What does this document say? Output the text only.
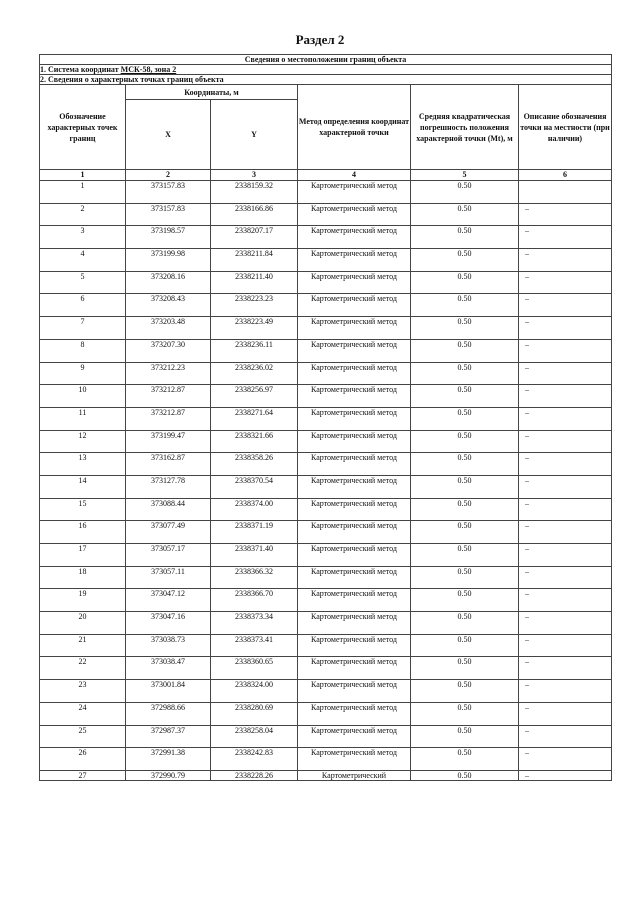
Раздел 2
Сведения о местоположении границ объекта					
1. Система координат МСК-58, зона 2					
2. Сведения о характерных точках границ объекта					
Обозначение характерных точек границ	Координаты, м		Метод определения координат характерной точки	Средняя квадратическая погрешность положения характерной точки (Mt), м	Описание обозначения точки на местности (при наличии)
	X	Y			
1	2	3	4	5	6
1	373157.83	2338159.32	Картометрический метод	0.50	
2	373157.83	2338166.86	Картометрический метод	0.50	–
3	373198.57	2338207.17	Картометрический метод	0.50	–
4	373199.98	2338211.84	Картометрический метод	0.50	–
5	373208.16	2338211.40	Картометрический метод	0.50	–
6	373208.43	2338223.23	Картометрический метод	0.50	–
7	373203.48	2338223.49	Картометрический метод	0.50	–
8	373207.30	2338236.11	Картометрический метод	0.50	–
9	373212.23	2338236.02	Картометрический метод	0.50	–
10	373212.87	2338256.97	Картометрический метод	0.50	–
11	373212.87	2338271.64	Картометрический метод	0.50	–
12	373199.47	2338321.66	Картометрический метод	0.50	–
13	373162.87	2338358.26	Картометрический метод	0.50	–
14	373127.78	2338370.54	Картометрический метод	0.50	–
15	373088.44	2338374.00	Картометрический метод	0.50	–
16	373077.49	2338371.19	Картометрический метод	0.50	–
17	373057.17	2338371.40	Картометрический метод	0.50	–
18	373057.11	2338366.32	Картометрический метод	0.50	–
19	373047.12	2338366.70	Картометрический метод	0.50	–
20	373047.16	2338373.34	Картометрический метод	0.50	–
21	373038.73	2338373.41	Картометрический метод	0.50	–
22	373038.47	2338360.65	Картометрический метод	0.50	–
23	373001.84	2338324.00	Картометрический метод	0.50	–
24	372988.66	2338280.69	Картометрический метод	0.50	–
25	372987.37	2338258.04	Картометрический метод	0.50	–
26	372991.38	2338242.83	Картометрический метод	0.50	–
27	372990.79	2338228.26	Картометрический	0.50	–
